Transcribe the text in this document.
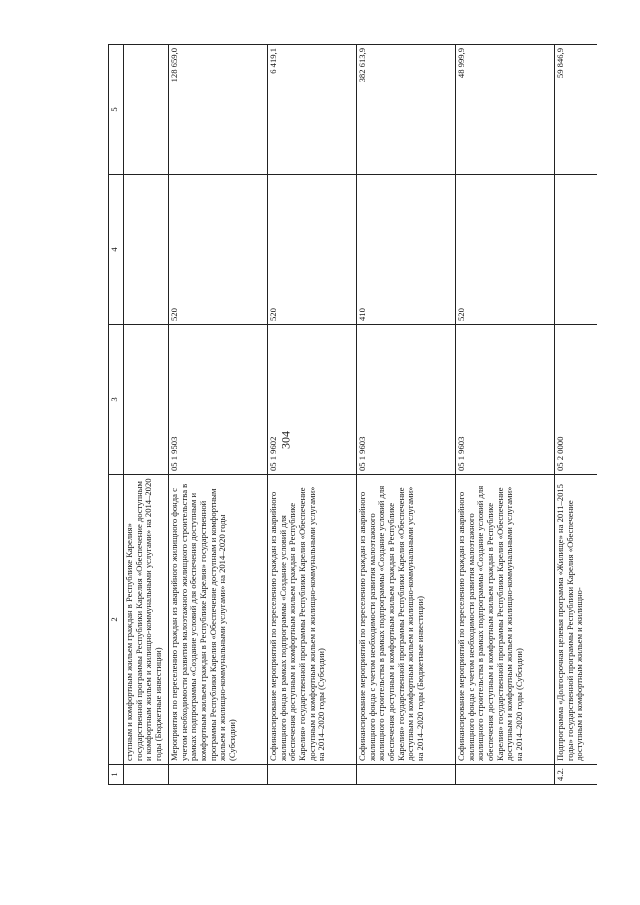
304
1	2	3	4	5
	ступным и комфортным жильем граждан в Республике Карелия» государственной программы Республики Карелия «Обеспечение доступным и комфортным жильем и жилищно-коммунальными услугами» на 2014–2020 годы (Бюджетные инвестиции)			
	Мероприятия по переселению граждан из аварийного жилищного фонда с учетом необходимости развития малоэтажного жилищного строительства в рамках подпрограммы «Создание условий для обеспечения доступным и комфортным жильем граждан в Республике Карелия» государственной программы Республики Карелия «Обеспечение доступным и комфортным жильем и жилищно-коммунальными услугами» на 2014–2020 годы (Субсидии)	05 1 9503	520	128 659,0
	Софинансирование мероприятий по переселению граждан из аварийного жилищного фонда в рамках подпрограммы «Создание условий для обеспечения доступным и комфортным жильем граждан в Республике Карелия» государственной программы Республики Карелия «Обеспечение доступным и комфортным жильем и жилищно-коммунальными услугами» на 2014–2020 годы (Субсидии)	05 1 9602	520	6 419,1
	Софинансирование мероприятий по переселению граждан из аварийного жилищного фонда с учетом необходимости развития малоэтажного жилищного строительства в рамках подпрограммы «Создание условий для обеспечения доступным и комфортным жильем граждан в Республике Карелия» государственной программы Республики Карелия «Обеспечение доступным и комфортным жильем и жилищно-коммунальными услугами» на 2014–2020 годы (Бюджетные инвестиции)	05 1 9603	410	382 613,9
	Софинансирование мероприятий по переселению граждан из аварийного жилищного фонда с учетом необходимости развития малоэтажного жилищного строительства в рамках подпрограммы «Создание условий для обеспечения доступным и комфортным жильем граждан в Республике Карелия» государственной программы Республики Карелия «Обеспечение доступным и комфортным жильем и жилищно-коммунальными услугами» на 2014–2020 годы (Субсидии)	05 1 9603	520	48 999,9
4.2.	Подпрограмма «Долгосрочная целевая программа «Жилище» на 2011–2015 годы» государственной программы Республики Карелия «Обеспечение доступным и комфортным жильем и жилищно-	05 2 0000		59 846,9
